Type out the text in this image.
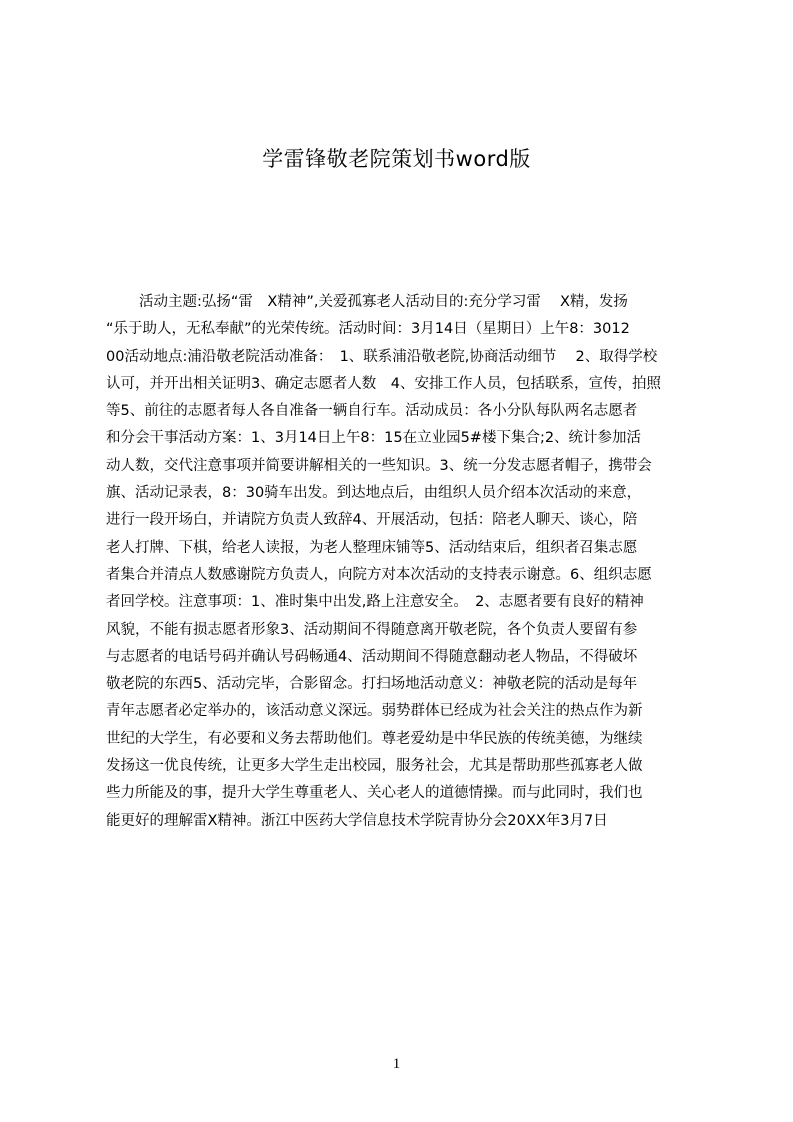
学雷锋敬老院策划书word版
活动主题:弘扬“雷　X精神”,关爱孤寡老人活动目的:充分学习雷　 X精，发扬
“乐于助人，无私奉献”的光荣传统。活动时间：3月14日（星期日）上午8：3012
00活动地点:浦沿敬老院活动准备：　1、联系浦沿敬老院,协商活动细节　 2、取得学校
认可，并开出相关证明3、确定志愿者人数　4、安排工作人员，包括联系，宣传，拍照
等5、前往的志愿者每人各自准备一辆自行车。活动成员：各小分队每队两名志愿者
和分会干事活动方案：1、3月14日上午8：15在立业园5#楼下集合;2、统计参加活
动人数，交代注意事项并简要讲解相关的一些知识。3、统一分发志愿者帽子，携带会
旗、活动记录表，8：30骑车出发。到达地点后，由组织人员介绍本次活动的来意，
进行一段开场白，并请院方负责人致辞4、开展活动，包括：陪老人聊天、谈心，陪
老人打牌、下棋，给老人读报，为老人整理床铺等5、活动结束后，组织者召集志愿
者集合并清点人数感谢院方负责人，向院方对本次活动的支持表示谢意。6、组织志愿
者回学校。注意事项：1、准时集中出发,路上注意安全。　2、志愿者要有良好的精神
风貌，不能有损志愿者形象3、活动期间不得随意离开敬老院，各个负责人要留有参
与志愿者的电话号码并确认号码畅通4、活动期间不得随意翻动老人物品，不得破坏
敬老院的东西5、活动完毕，合影留念。打扫场地活动意义：神敬老院的活动是每年
青年志愿者必定举办的，该活动意义深远。弱势群体已经成为社会关注的热点作为新
世纪的大学生，有必要和义务去帮助他们。尊老爱幼是中华民族的传统美德，为继续
发扬这一优良传统，让更多大学生走出校园，服务社会，尤其是帮助那些孤寡老人做
些力所能及的事，提升大学生尊重老人、关心老人的道德情操。而与此同时，我们也
能更好的理解雷X精神。浙江中医药大学信息技术学院青协分会20XX年3月7日
1
